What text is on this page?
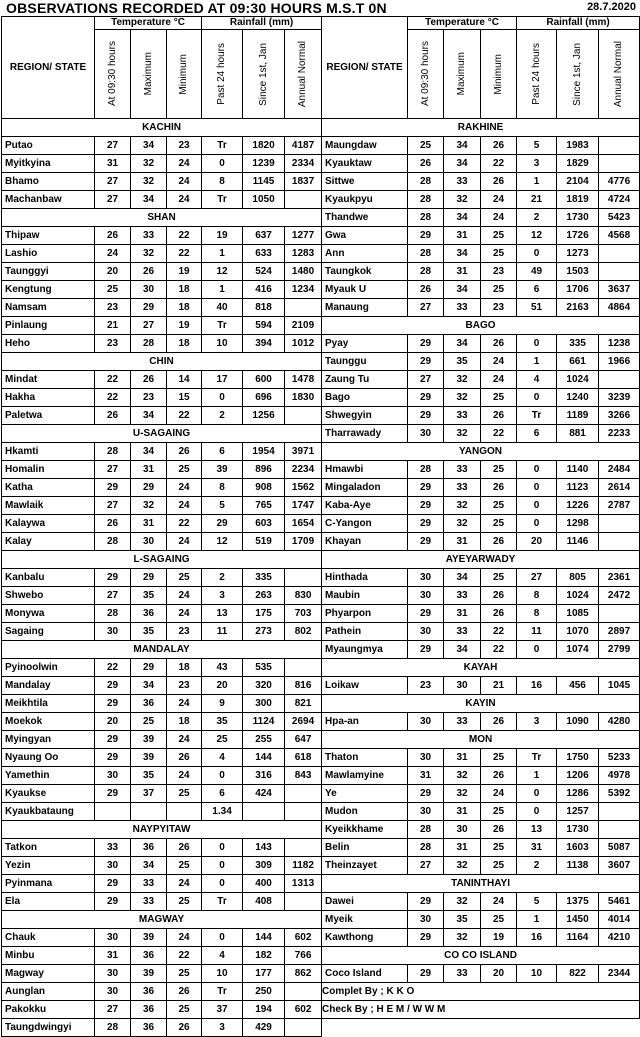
OBSERVATIONS RECORDED AT 09:30 HOURS M.S.T 0N	28.7.2020
REGION/ STATE	Temperature °C			Rainfall (mm)		

	At 09:30 hours	Maximum	Minimum	Past 24 hours	Since 1st, Jan	Annual Normal

KACHIN						
Putao	27	34	23	Tr	1820	4187
Myitkyina	31	32	24	0	1239	2334
Bhamo	27	32	24	8	1145	1837
Machanbaw	27	34	24	Tr	1050	
SHAN						
Thipaw	26	33	22	19	637	1277
Lashio	24	32	22	1	633	1283
Taunggyi	20	26	19	12	524	1480
Kengtung	25	30	18	1	416	1234
Namsam	23	29	18	40	818	
Pinlaung	21	27	19	Tr	594	2109
Heho	23	28	18	10	394	1012
CHIN						
Mindat	22	26	14	17	600	1478
Hakha	22	23	15	0	696	1830
Paletwa	26	34	22	2	1256	
U-SAGAING						
Hkamti	28	34	26	6	1954	3971
Homalin	27	31	25	39	896	2234
Katha	29	29	24	8	908	1562
Mawlaik	27	32	24	5	765	1747
Kalaywa	26	31	22	29	603	1654
Kalay	28	30	24	12	519	1709
L-SAGAING						
Kanbalu	29	29	25	2	335	
Shwebo	27	35	24	3	263	830
Monywa	28	36	24	13	175	703
Sagaing	30	35	23	11	273	802
MANDALAY						
Pyinoolwin	22	29	18	43	535	
Mandalay	29	34	23	20	320	816
Meikhtila	29	36	24	9	300	821
Moekok	20	25	18	35	1124	2694
Myingyan	29	39	24	25	255	647
Nyaung Oo	29	39	26	4	144	618
Yamethin	30	35	24	0	316	843
Kyaukse	29	37	25	6	424	
Kyaukbataung				1.34		
NAYPYITAW						
Tatkon	33	36	26	0	143	
Yezin	30	34	25	0	309	1182
Pyinmana	29	33	24	0	400	1313
Ela	29	33	25	Tr	408	
MAGWAY						
Chauk	30	39	24	0	144	602
Minbu	31	36	22	4	182	766
Magway	30	39	25	10	177	862
Aunglan	30	36	26	Tr	250	
Pakokku	27	36	25	37	194	602
Taungdwingyi	28	36	26	3	429	
REGION/ STATE	Temperature °C			Rainfall (mm)		

	At 09:30 hours	Maximum	Minimum	Past 24 hours	Since 1st, Jan	Annual Normal

RAKHINE						
Maungdaw	25	34	26	5	1983	
Kyauktaw	26	34	22	3	1829	
Sittwe	28	33	26	1	2104	4776
Kyaukpyu	28	32	24	21	1819	4724
Thandwe	28	34	24	2	1730	5423
Gwa	29	31	25	12	1726	4568
Ann	28	34	25	0	1273	
Taungkok	28	31	23	49	1503	
Myauk U	26	34	25	6	1706	3637
Manaung	27	33	23	51	2163	4864
BAGO						
Pyay	29	34	26	0	335	1238
Taunggu	29	35	24	1	661	1966
Zaung Tu	27	32	24	4	1024	
Bago	29	32	25	0	1240	3239
Shwegyin	29	33	26	Tr	1189	3266
Tharrawady	30	32	22	6	881	2233
YANGON						
Hmawbi	28	33	25	0	1140	2484
Mingaladon	29	33	26	0	1123	2614
Kaba-Aye	29	32	25	0	1226	2787
C-Yangon	29	32	25	0	1298	
Khayan	29	31	26	20	1146	
AYEYARWADY						
Hinthada	30	34	25	27	805	2361
Maubin	30	33	26	8	1024	2472
Phyarpon	29	31	26	8	1085	
Pathein	30	33	22	11	1070	2897
Myaungmya	29	34	22	0	1074	2799
KAYAH						
Loikaw	23	30	21	16	456	1045
KAYIN						
Hpa-an	30	33	26	3	1090	4280
MON						
Thaton	30	31	25	Tr	1750	5233
Mawlamyine	31	32	26	1	1206	4978
Ye	29	32	24	0	1286	5392
Mudon	30	31	25	0	1257	
Kyeikkhame	28	30	26	13	1730	
Belin	28	31	25	31	1603	5087
Theinzayet	27	32	25	2	1138	3607
TANINTHAYI						
Dawei	29	32	24	5	1375	5461
Myeik	30	35	25	1	1450	4014
Kawthong	29	32	19	16	1164	4210
CO CO ISLAND						
Coco Island	29	33	20	10	822	2344
Complet By ; K K O						
Check By ; H E M / W W M						
